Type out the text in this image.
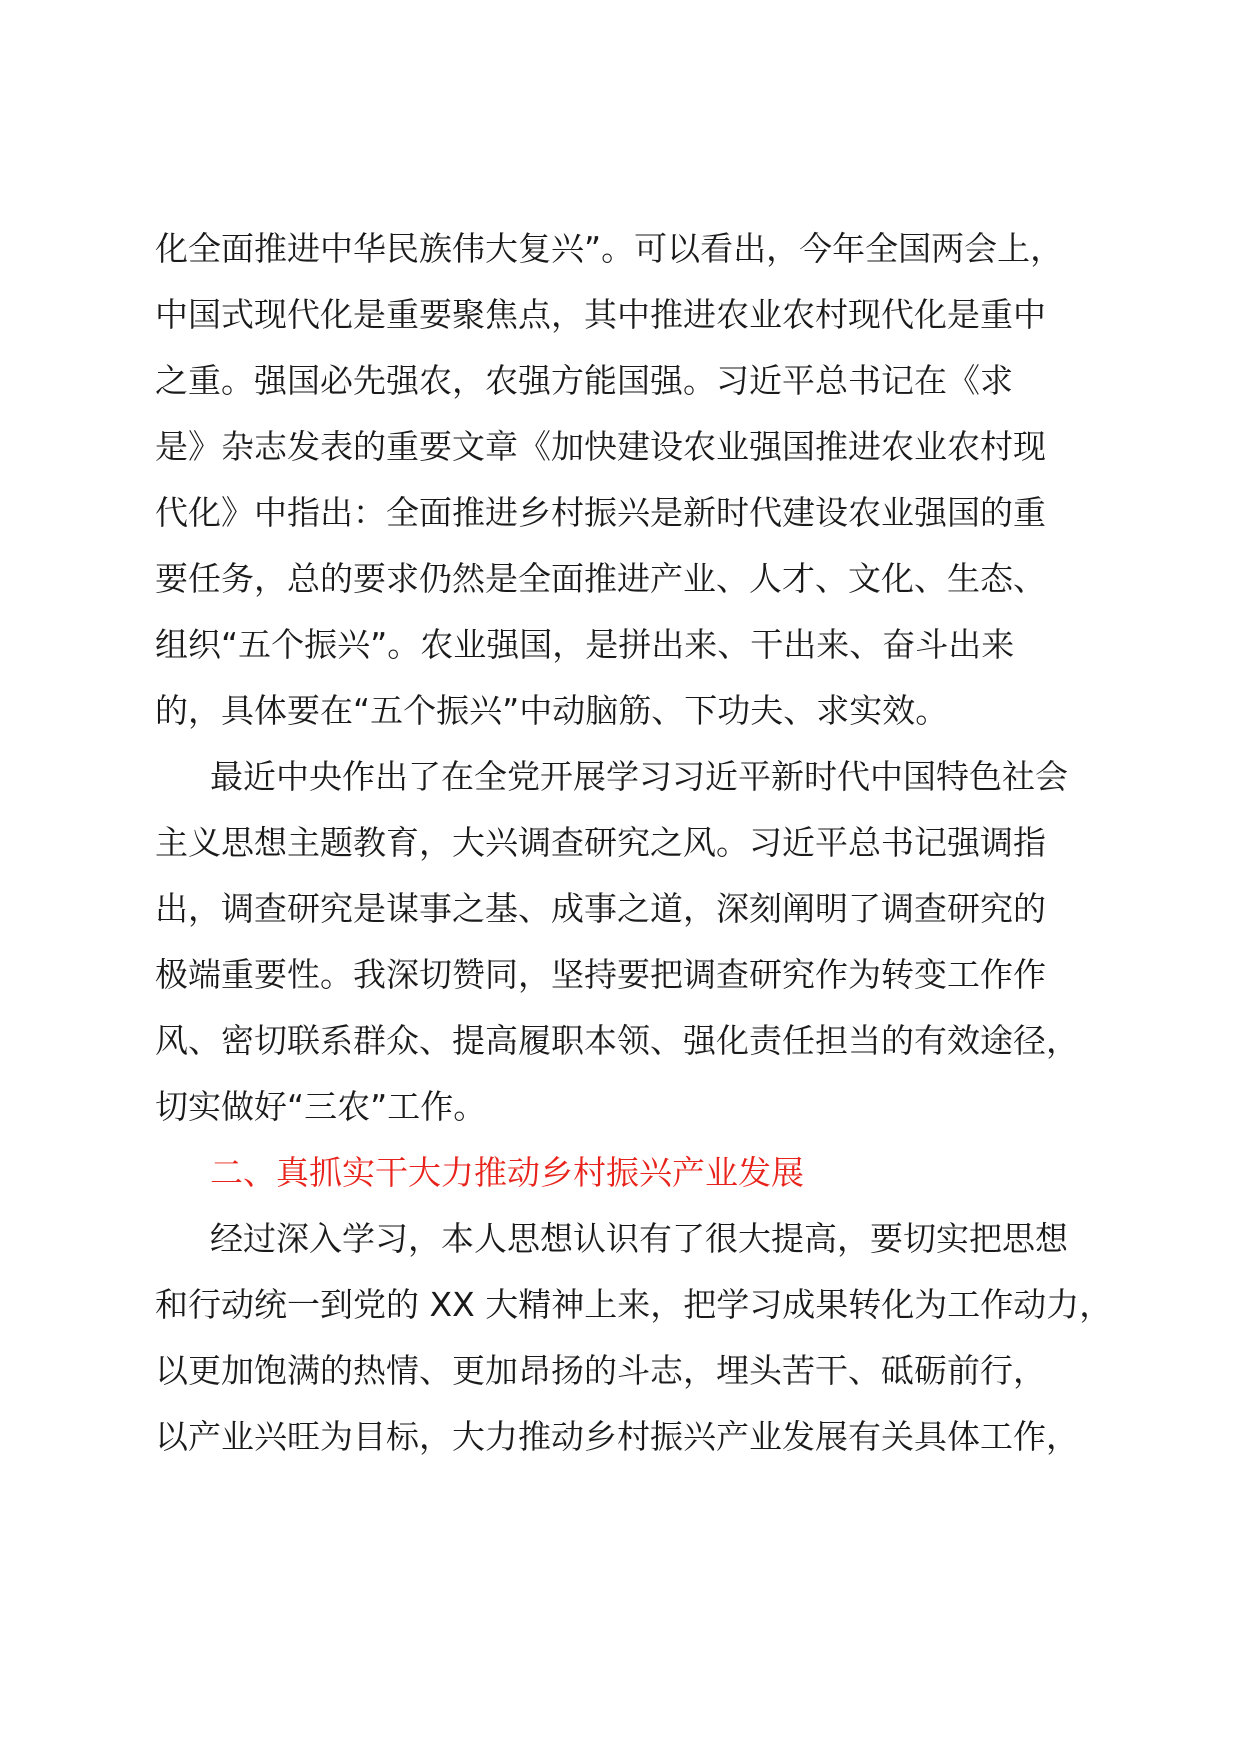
化全面推进中华民族伟大复兴”。可以看出，今年全国两会上，
中国式现代化是重要聚焦点，其中推进农业农村现代化是重中
之重。强国必先强农，农强方能国强。习近平总书记在《求
是》杂志发表的重要文章《加快建设农业强国推进农业农村现
代化》中指出：全面推进乡村振兴是新时代建设农业强国的重
要任务，总的要求仍然是全面推进产业、人才、文化、生态、
组织“五个振兴”。农业强国，是拼出来、干出来、奋斗出来
的，具体要在“五个振兴”中动脑筋、下功夫、求实效。
最近中央作出了在全党开展学习习近平新时代中国特色社会
主义思想主题教育，大兴调查研究之风。习近平总书记强调指
出，调查研究是谋事之基、成事之道，深刻阐明了调查研究的
极端重要性。我深切赞同，坚持要把调查研究作为转变工作作
风、密切联系群众、提高履职本领、强化责任担当的有效途径，
切实做好“三农”工作。
二、真抓实干大力推动乡村振兴产业发展
经过深入学习，本人思想认识有了很大提高，要切实把思想
和行动统一到党的 XX 大精神上来，把学习成果转化为工作动力，
以更加饱满的热情、更加昂扬的斗志，埋头苦干、砥砺前行，
以产业兴旺为目标，大力推动乡村振兴产业发展有关具体工作，
